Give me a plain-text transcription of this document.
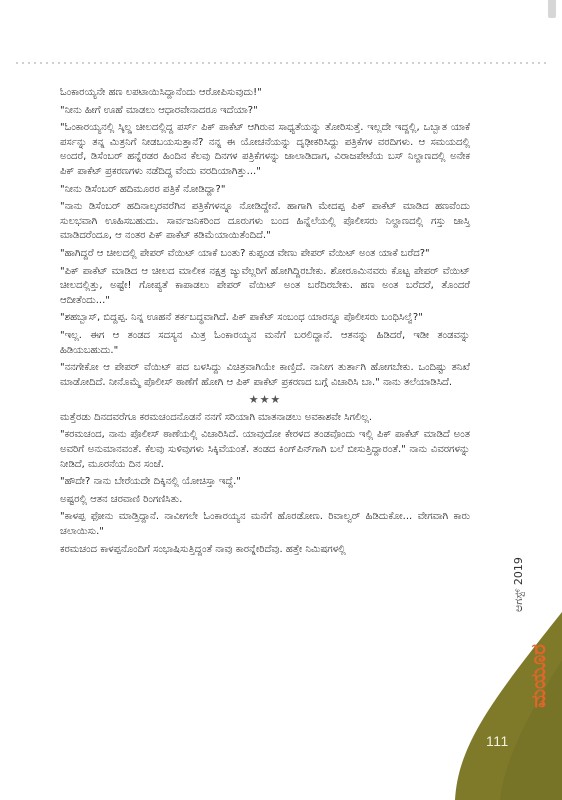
ಓಂಕಾರಯ್ಯನೇ ಹಣ ಲಪಟಾಯಿಸಿದ್ದಾನೆಂದು ಆರೋಪಿಸುವುದು!"

"ನೀನು ಹೀಗೆ ಊಹೆ ಮಾಡಲು ಆಧಾರವೇನಾದರೂ ಇದೆಯಾ?"

"ಓಂಕಾರಯ್ಯನಲ್ಲಿ ಸ್ಕಿಲ್ಡ ಚೀಲದಲ್ಲಿದ್ದ ಪರ್ಸ್ ಪಿಕ್ ಪಾಕೆಟ್ ಆಗಿರುವ ಸಾಧ್ಯತೆಯನ್ನು ತೋರಿಸುತ್ತೆ. ಇಲ್ಲದೇ ಇದ್ದಲ್ಲಿ, ಒಬ್ಬಾತ ಯಾಕೆ ಪರ್ಸನ್ನು ತನ್ನ ಮಿತ್ರನಿಗೆ ನೀಡಬಯಸುತ್ತಾನೆ? ನನ್ನ ಈ ಯೋಚನೆಯನ್ನು ದೃಢೀಕರಿಸಿದ್ದು ಪತ್ರಿಕೆಗಳ ವರದಿಗಳು. ಆ ಸಮಯದಲ್ಲಿ ಅಂದರೆ, ಡಿಸೆಂಬರ್ ಹನ್ನೆರಡರ ಹಿಂದಿನ ಕೆಲವು ದಿನಗಳ ಪತ್ರಿಕೆಗಳನ್ನು ಜಾಲಾಡಿದಾಗ, ವಿರಾಜಪೇಟೆಯ ಬಸ್ ನಿಲ್ದಾಣದಲ್ಲಿ ಅನೇಕ ಪಿಕ್ ಪಾಕೆಟ್ ಪ್ರಕರಣಗಳು ನಡೆದಿದ್ದ ವೆಂದು ವರದಿಯಾಗಿತ್ತು..."

"ನೀನು ಡಿಸೆಂಬರ್ ಹದಿಮೂರರ ಪತ್ರಿಕೆ ನೋಡಿದ್ದಾ?"

"ನಾನು ಡಿಸೆಂಬರ್ ಹದಿನಾಲ್ಕರವರೆಗಿನ ಪತ್ರಿಕೆಗಳನ್ನೂ ನೋಡಿದ್ದೇನೆ. ಹಾಗಾಗಿ ಮೇದಪ್ಪ ಪಿಕ್ ಪಾಕೆಟ್ ಮಾಡಿದ ಹಣವೆಂದು ಸುಲಭವಾಗಿ ಊಹಿಸಬಹುದು. ಸಾರ್ವಜನಿಕರಿಂದ ದೂರುಗಳು ಬಂದ ಹಿನ್ನೆಲೆಯಲ್ಲಿ ಪೊಲೀಸರು ನಿಲ್ದಾಣದಲ್ಲಿ ಗಸ್ತು ಜಾಸ್ತಿ ಮಾಡಿದರೆಂದೂ, ಆ ನಂತರ ಪಿಕ್ ಪಾಕೆಟ್ ಕಡಿಮೆಯಾಯಿತೆಂದಿದೆ."

"ಹಾಗಿದ್ದರೆ ಆ ಚೀಲದಲ್ಲಿ ಪೇಪರ್ ವೆಯಿಟ್ ಯಾಕೆ ಬಂತು? ಕುಪ್ಪಂಡ ವೇಣು ಪೇಪರ್ ವೆಯಿಟ್ ಅಂತ ಯಾಕೆ ಬರೆದ?"

"ಪಿಕ್ ಪಾಕೆಟ್ ಮಾಡಿದ ಆ ಚೀಲದ ಮಾಲೀಕ ನಕ್ಷತ್ರ ಜ್ಯುವೆಲ್ಲರಿಗೆ ಹೋಗಿದ್ದಿರಬೇಕು. ಶೋರೂಮಿನವರು ಕೊಟ್ಟ ಪೇಪರ್ ವೆಯಿಟ್ ಚೀಲದಲ್ಲಿತ್ತು, ಅಷ್ಟೇ! ಗೋಪ್ಯತೆ ಕಾಪಾಡಲು ಪೇಪರ್ ವೆಯಿಟ್ ಅಂತ ಬರೆದಿರಬೇಕು. ಹಣ ಅಂತ ಬರೆದರೆ, ತೊಂದರೆ ಆದೀತೆಂದು..."

"ಶಹಬ್ಬಾಸ್, ಬಿದ್ದಪ್ಪ. ನಿನ್ನ ಊಹನೆ ತರ್ಕಬದ್ಧವಾಗಿದೆ. ಪಿಕ್ ಪಾಕೆಟ್ ಸಂಬಂಧ ಯಾರನ್ನೂ ಪೊಲೀಸರು ಬಂಧಿಸಿಲ್ವೆ?"

"ಇಲ್ಲ. ಈಗ ಆ ತಂಡದ ಸದಸ್ಯನ ಮಿತ್ರ ಓಂಕಾರಯ್ಯನ ಮನೆಗೆ ಬರಲಿದ್ದಾನೆ. ಆತನನ್ನು ಹಿಡಿದರೆ, ಇಡೀ ತಂಡವನ್ನು ಹಿಡಿಯಬಹುದು."

"ನನಗೇಕೋ ಆ ಪೇಪರ್ ವೆಯಿಟ್ ಪದ ಬಳಸಿದ್ದು ವಿಚಿತ್ರವಾಗಿಯೇ ಕಾಣ್ತಿದೆ. ನಾನೀಗ ತುರ್ತಾಗಿ ಹೋಗಬೇಕು. ಒಂದಿಷ್ಟು ತನಿಖೆ ಮಾಡೋದಿದೆ. ನೀನೊಮ್ಮೆ ಪೊಲೀಸ್ ಠಾಣೆಗೆ ಹೋಗಿ ಆ ಪಿಕ್ ಪಾಕೆಟ್ ಪ್ರಕರಣದ ಬಗ್ಗೆ ವಿಚಾರಿಸಿ ಬಾ." ನಾನು ತಲೆಯಾಡಿಸಿದೆ.

★★★

ಮತ್ತೆರಡು ದಿನದವರೆಗೂ ಕರಮಚಂದನೊಡನೆ ನನಗೆ ಸರಿಯಾಗಿ ಮಾತನಾಡಲು ಅವಕಾಶವೇ ಸಿಗಲಿಲ್ಲ.

"ಕರಮಚಂದ, ನಾನು ಪೊಲೀಸ್ ಠಾಣೆಯಲ್ಲಿ ವಿಚಾರಿಸಿದೆ. ಯಾವುದೋ ಕೇರಳದ ತಂಡವೊಂದು ಇಲ್ಲಿ ಪಿಕ್ ಪಾಕೆಟ್ ಮಾಡಿದೆ ಅಂತ ಅವರಿಗೆ ಅನುಮಾನವಂತೆ. ಕೆಲವು ಸುಳಿವುಗಳು ಸಿಕ್ಕಿವೆಯಂತೆ. ತಂಡದ ಕಿಂಗ್‌ಪಿನ್‌ಗಾಗಿ ಬಲೆ ಬೀಸುತ್ತಿದ್ದಾರಂತೆ." ನಾನು ವಿವರಗಳನ್ನು ನೀಡಿದೆ, ಮೂರನೆಯ ದಿನ ಸಂಜೆ.

"ಹೌದೇ? ನಾನು ಬೇರೆಯದೇ ದಿಕ್ಕಿನಲ್ಲಿ ಯೋಚಿಸ್ತಾ ಇದ್ದೆ."

ಅಷ್ಟರಲ್ಲಿ ಆತನ ಚರವಾಣಿ ರಿಂಗಣಿಸಿತು.

"ಕಾಳಪ್ಪ ಫೋನು ಮಾಡ್ತಿದ್ದಾನೆ. ನಾವೀಗಲೇ ಓಂಕಾರಯ್ಯನ ಮನೆಗೆ ಹೊರಡೋಣ. ರಿವಾಲ್ವರ್ ಹಿಡಿದುಕೋ... ವೇಗವಾಗಿ ಕಾರು ಚಲಾಯಿಸು."

ಕರಮಚಂದ ಕಾಳಪ್ಪನೊಂದಿಗೆ ಸಂಭಾಷಿಸುತ್ತಿದ್ದಂತೆ ನಾವು ಕಾರನ್ನೇರಿದೆವು. ಹತ್ತೇ ನಿಮಿಷಗಳಲ್ಲಿ

ಆಗಸ್ಟ್ 2019
ಮಯೂರ
111
